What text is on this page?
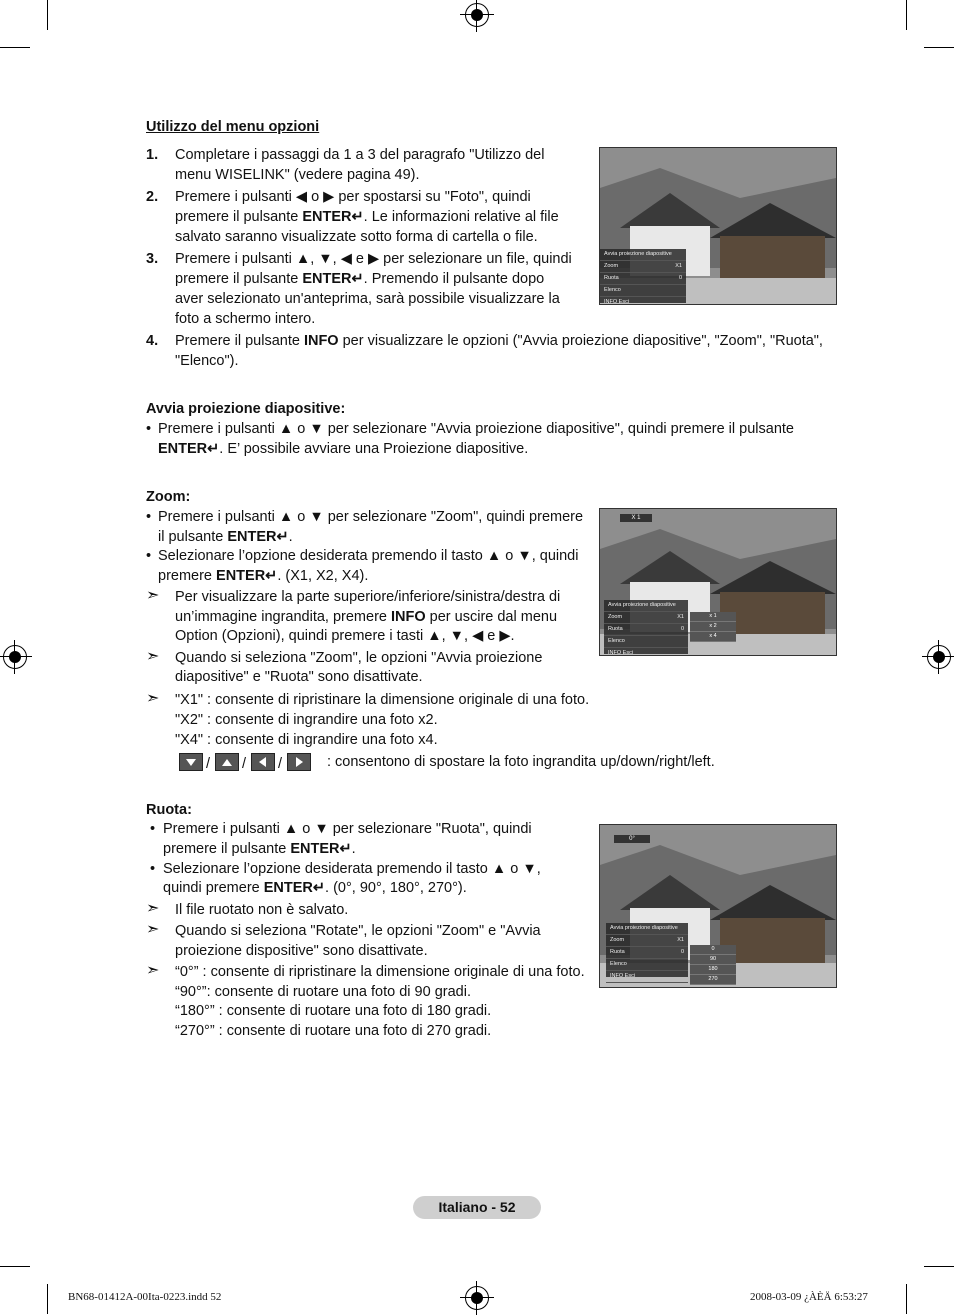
Utilizzo del menu opzioni
1. Completare i passaggi da 1 a 3 del paragrafo "Utilizzo del
menu WISELINK" (vedere pagina 49).
2. Premere i pulsanti ◀ o ▶ per spostarsi su "Foto", quindi
premere il pulsante ENTER↵. Le informazioni relative al file
salvato saranno visualizzate sotto forma di cartella o file.
3. Premere i pulsanti ▲, ▼, ◀ e ▶ per selezionare un file, quindi
premere il pulsante ENTER↵. Premendo il pulsante dopo
aver selezionato un'anteprima, sarà possibile visualizzare la
foto a schermo intero.
4. Premere il pulsante INFO per visualizzare le opzioni ("Avvia proiezione diapositive", "Zoom", "Ruota",
"Elenco").
Avvia proiezione diapositive
Zoom	X1
Ruota	0
Elenco
INFO Esci
Avvia proiezione diapositive:
• Premere i pulsanti ▲ o ▼ per selezionare "Avvia proiezione diapositive", quindi premere il pulsante
ENTER↵. E’ possibile avviare una Proiezione diapositive.
Zoom:
• Premere i pulsanti ▲ o ▼ per selezionare "Zoom", quindi premere
il pulsante ENTER↵.
• Selezionare l’opzione desiderata premendo il tasto ▲ o ▼, quindi
premere ENTER↵. (X1, X2, X4).
➣ Per visualizzare la parte superiore/inferiore/sinistra/destra di
un’immagine ingrandita, premere INFO per uscire dal menu
Option (Opzioni), quindi premere i tasti ▲, ▼, ◀ e ▶.
➣ Quando si seleziona "Zoom", le opzioni "Avvia proiezione
diapositive" e "Ruota" sono disattivate.
➣ "X1" : consente di ripristinare la dimensione originale di una foto.
"X2" : consente di ingrandire una foto x2.
"X4" : consente di ingrandire una foto x4.
/ / /	: consentono di spostare la foto ingrandita up/down/right/left.
X 1
Avvia proiezione diapositive
Zoom	X1
Ruota	0
Elenco
INFO Esci
x 1
x 2
x 4
Ruota:
• Premere i pulsanti ▲ o ▼ per selezionare "Ruota", quindi
premere il pulsante ENTER↵.
• Selezionare l’opzione desiderata premendo il tasto ▲ o ▼,
quindi premere ENTER↵. (0°, 90°, 180°, 270°).
➣ Il file ruotato non è salvato.
➣ Quando si seleziona "Rotate", le opzioni "Zoom" e "Avvia
proiezione dispositive" sono disattivate.
➣ “0°” : consente di ripristinare la dimensione originale di una foto.
“90°”: consente di ruotare una foto di 90 gradi.
“180°” : consente di ruotare una foto di 180 gradi.
“270°” : consente di ruotare una foto di 270 gradi.
0°
Avvia proiezione diapositive
Zoom	X1
Ruota	0
Elenco
INFO Esci
0
90
180
270
Italiano - 52
BN68-01412A-00Ita-0223.indd 52	2008-03-09 ¿ÀÈÄ 6:53:27
